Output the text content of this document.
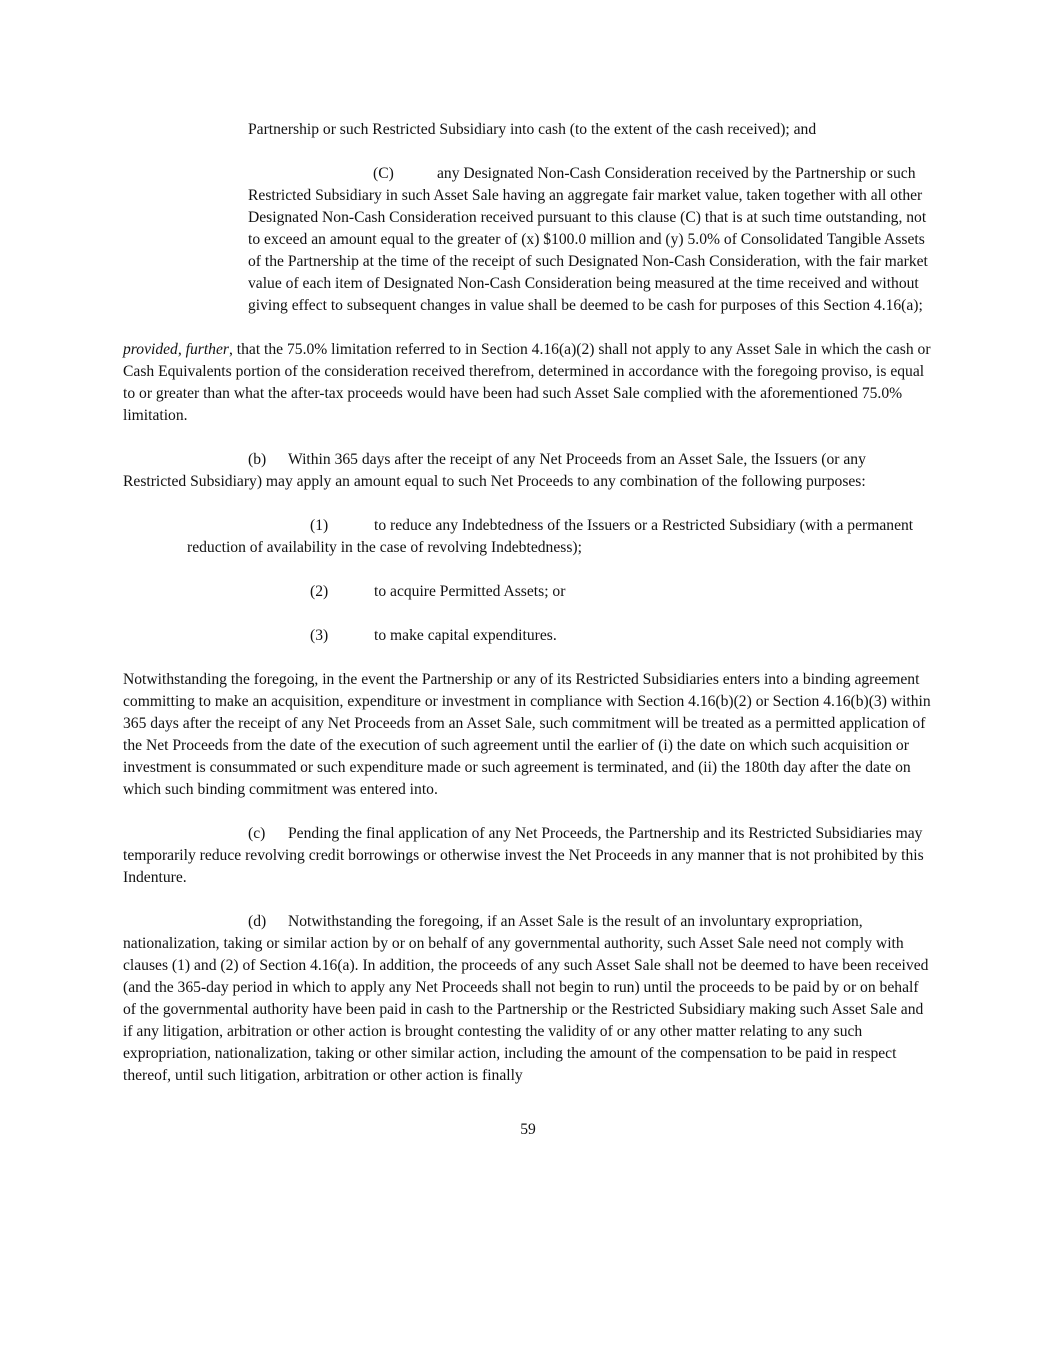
Partnership or such Restricted Subsidiary into cash (to the extent of the cash received); and
(C)	any Designated Non-Cash Consideration received by the Partnership or such Restricted Subsidiary in such Asset Sale having an aggregate fair market value, taken together with all other Designated Non-Cash Consideration received pursuant to this clause (C) that is at such time outstanding, not to exceed an amount equal to the greater of (x) $100.0 million and (y) 5.0% of Consolidated Tangible Assets of the Partnership at the time of the receipt of such Designated Non-Cash Consideration, with the fair market value of each item of Designated Non-Cash Consideration being measured at the time received and without giving effect to subsequent changes in value shall be deemed to be cash for purposes of this Section 4.16(a);
provided, further, that the 75.0% limitation referred to in Section 4.16(a)(2) shall not apply to any Asset Sale in which the cash or Cash Equivalents portion of the consideration received therefrom, determined in accordance with the foregoing proviso, is equal to or greater than what the after-tax proceeds would have been had such Asset Sale complied with the aforementioned 75.0% limitation.
(b) Within 365 days after the receipt of any Net Proceeds from an Asset Sale, the Issuers (or any Restricted Subsidiary) may apply an amount equal to such Net Proceeds to any combination of the following purposes:
(1)	to reduce any Indebtedness of the Issuers or a Restricted Subsidiary (with a permanent reduction of availability in the case of revolving Indebtedness);
(2)	to acquire Permitted Assets; or
(3)	to make capital expenditures.
Notwithstanding the foregoing, in the event the Partnership or any of its Restricted Subsidiaries enters into a binding agreement committing to make an acquisition, expenditure or investment in compliance with Section 4.16(b)(2) or Section 4.16(b)(3) within 365 days after the receipt of any Net Proceeds from an Asset Sale, such commitment will be treated as a permitted application of the Net Proceeds from the date of the execution of such agreement until the earlier of (i) the date on which such acquisition or investment is consummated or such expenditure made or such agreement is terminated, and (ii) the 180th day after the date on which such binding commitment was entered into.
(c) Pending the final application of any Net Proceeds, the Partnership and its Restricted Subsidiaries may temporarily reduce revolving credit borrowings or otherwise invest the Net Proceeds in any manner that is not prohibited by this Indenture.
(d) Notwithstanding the foregoing, if an Asset Sale is the result of an involuntary expropriation, nationalization, taking or similar action by or on behalf of any governmental authority, such Asset Sale need not comply with clauses (1) and (2) of Section 4.16(a). In addition, the proceeds of any such Asset Sale shall not be deemed to have been received (and the 365-day period in which to apply any Net Proceeds shall not begin to run) until the proceeds to be paid by or on behalf of the governmental authority have been paid in cash to the Partnership or the Restricted Subsidiary making such Asset Sale and if any litigation, arbitration or other action is brought contesting the validity of or any other matter relating to any such expropriation, nationalization, taking or other similar action, including the amount of the compensation to be paid in respect thereof, until such litigation, arbitration or other action is finally
59
